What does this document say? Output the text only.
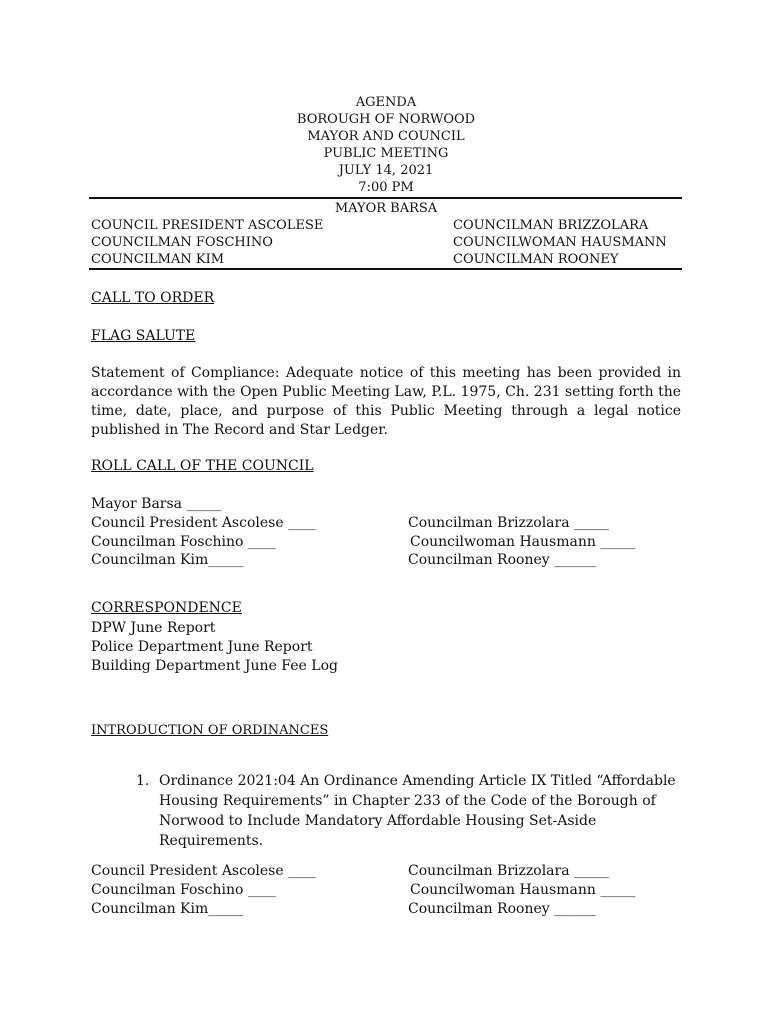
AGENDA
BOROUGH OF NORWOOD
MAYOR AND COUNCIL
PUBLIC MEETING
JULY 14, 2021
7:00 PM
MAYOR BARSA
COUNCIL PRESIDENT ASCOLESE
COUNCILMAN FOSCHINO
COUNCILMAN KIM
COUNCILMAN BRIZZOLARA
COUNCILWOMAN HAUSMANN
COUNCILMAN ROONEY
CALL TO ORDER
FLAG SALUTE
Statement of Compliance: Adequate notice of this meeting has been provided in accordance with the Open Public Meeting Law, P.L. 1975, Ch. 231 setting forth the time, date, place, and purpose of this Public Meeting through a legal notice published in The Record and Star Ledger.
ROLL CALL OF THE COUNCIL
Mayor Barsa _____
Council President Ascolese ____
Councilman Foschino ____
Councilman Kim_____
Councilman Brizzolara _____
Councilwoman Hausmann _____
Councilman Rooney ______
CORRESPONDENCE
DPW June Report
Police Department June Report
Building Department June Fee Log
INTRODUCTION OF ORDINANCES
1. Ordinance 2021:04 An Ordinance Amending Article IX Titled “Affordable Housing Requirements” in Chapter 233 of the Code of the Borough of Norwood to Include Mandatory Affordable Housing Set-Aside Requirements.
Council President Ascolese ____
Councilman Foschino ____
Councilman Kim_____
Councilman Brizzolara _____
Councilwoman Hausmann _____
Councilman Rooney ______
